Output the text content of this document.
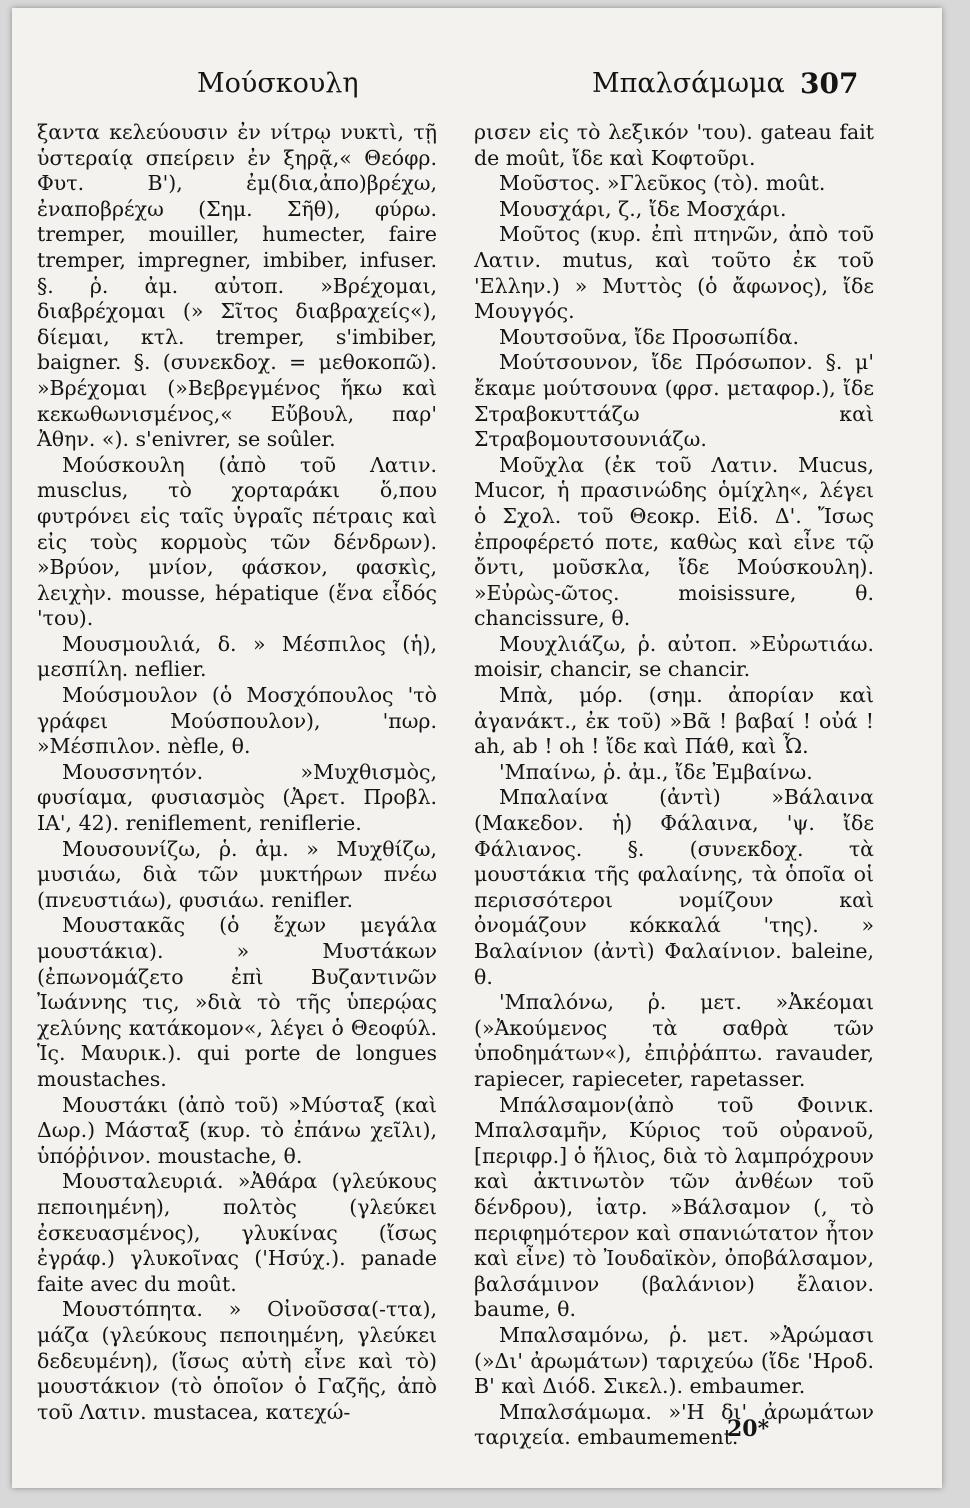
Μούσκουλη	Μπαλσάμωμα 307

ξαντα κελεύουσιν ἐν νίτρῳ νυκτὶ, τῇ ὑστεραίᾳ σπείρειν ἐν ξηρᾷ,« Θεόφρ. Φυτ. Β'), ἐμ(δια,ἀπο)βρέχω, ἐναποβρέχω (Σημ. Σῆθ), φύρω. tremper, mouiller, humecter, faire tremper, impregner, imbiber, infuser. §. ῥ. ἀμ. αὐτοπ. »Βρέχομαι, διαβρέχομαι (» Σῖτος διαβραχείς«), δίεμαι, κτλ. tremper, s'imbiber, baigner. §. (συνεκδοχ. = μεθοκοπῶ). »Βρέχομαι (»Βεβρεγμένος ἥκω καὶ κεκωθωνισμένος,« Εὔβουλ, παρ' Ἀθην. «). s'enivrer, se soûler.

Μούσκουλη (ἀπὸ τοῦ Λατιν. musclus, τὸ χορταράκι ὅ,που φυτρόνει εἰς ταῖς ὑγραῖς πέτραις καὶ εἰς τοὺς κορμοὺς τῶν δένδρων). »Βρύον, μνίον, φάσκον, φασκὶς, λειχὴν. mousse, hépatique (ἕνα εἶδός 'του).

Μουσμουλιά, δ. » Μέσπιλος (ἡ), μεσπίλη. neflier.

Μούσμουλον (ὁ Μοσχόπουλος 'τὸ γράφει Μούσπουλον), 'πωρ. »Μέσπιλον. nèfle, θ.

Μουσσνητόν. »Μυχθισμὸς, φυσίαμα, φυσιασμὸς (Ἀρετ. Προβλ. ΙΑ', 42). reniflement, reniflerie.

Μουσουνίζω, ῥ. ἀμ. » Μυχθίζω, μυσιάω, διὰ τῶν μυκτήρων πνέω (πνευστιάω), φυσιάω. renifler.

Μουστακᾶς (ὁ ἔχων μεγάλα μουστάκια). » Μυστάκων (ἐπωνομάζετο ἐπὶ Βυζαντινῶν Ἰωάννης τις, »διὰ τὸ τῆς ὑπερῴας χελύνης κατάκομον«, λέγει ὁ Θεοφύλ. Ἱς. Μαυρικ.). qui porte de longues moustaches.

Μουστάκι (ἀπὸ τοῦ) »Μύσταξ (καὶ Δωρ.) Μάσταξ (κυρ. τὸ ἐπάνω χεῖλι), ὑπόῤῥινον. moustache, θ.

Μουσταλευριά. »Ἀθάρα (γλεύκους πεποιημένη), πολτὸς (γλεύκει ἐσκευασμένος), γλυκίνας (ἴσως ἐγράφ.) γλυκοῖνας ('Ησύχ.). panade faite avec du moût.

Μουστόπητα. » Οἰνοῦσσα(-ττα), μάζα (γλεύκους πεποιημένη, γλεύκει δεδευμένη), (ἴσως αὐτὴ εἶνε καὶ τὸ) μουστάκιον (τὸ ὁποῖον ὁ Γαζῆς, ἀπὸ τοῦ Λατιν. mustacea, κατεχώ-

ρισεν εἰς τὸ λεξικόν 'του). gateau fait de moût, ἴδε καὶ Κοφτοῦρι.

Μοῦστος. »Γλεῦκος (τὸ). moût.

Μουσχάρι, ζ., ἴδε Μοσχάρι.

Μοῦτος (κυρ. ἐπὶ πτηνῶν, ἀπὸ τοῦ Λατιν. mutus, καὶ τοῦτο ἐκ τοῦ 'Ελλην.) » Μυττὸς (ὁ ἄφωνος), ἴδε Μουγγός.

Μουτσοῦνα, ἴδε Προσωπίδα.

Μούτσουνον, ἴδε Πρόσωπον. §. μ' ἔκαμε μούτσουνα (φρσ. μεταφορ.), ἴδε Στραβοκυττάζω καὶ Στραβομουτσουνιάζω.

Μοῦχλα (ἐκ τοῦ Λατιν. Mucus, Mucor, ἡ πρασινώδης ὁμίχλη«, λέγει ὁ Σχολ. τοῦ Θεοκρ. Εἰδ. Δ'. Ἴσως ἐπροφέρετό ποτε, καθὼς καὶ εἶνε τῷ ὄντι, μοῦσκλα, ἴδε Μούσκουλη). »Εὐρὼς-ῶτος. moisissure, θ. chancissure, θ.

Μουχλιάζω, ῥ. αὐτοπ. »Εὐρωτιάω. moisir, chancir, se chancir.

Μπὰ, μόρ. (σημ. ἀπορίαν καὶ ἀγανάκτ., ἐκ τοῦ) »Βᾶ ! βαβαί ! οὐά ! ah, ab ! oh ! ἴδε καὶ Πάθ, καὶ Ὦ.

'Μπαίνω, ῥ. ἀμ., ἴδε Ἐμβαίνω.

Μπαλαίνα (ἀντὶ) »Βάλαινα (Μακεδον. ἡ) Φάλαινα, 'ψ. ἴδε Φάλιανος. §. (συνεκδοχ. τὰ μουστάκια τῆς φαλαίνης, τὰ ὁποῖα οἱ περισσότεροι νομίζουν καὶ ὀνομάζουν κόκκαλά 'της). » Βαλαίνιον (ἀντὶ) Φαλαίνιον. baleine, θ.

'Μπαλόνω, ῥ. μετ. »Ἀκέομαι (»Ἀκούμενος τὰ σαθρὰ τῶν ὑποδημάτων«), ἐπιῤῥάπτω. ravauder, rapiecer, rapiecеter, rapetasser.

Μπάλσαμον(ἀπὸ τοῦ Φοινικ. Μπαλσαμῆν, Κύριος τοῦ οὐρανοῦ, [περιφρ.] ὁ ἥλιος, διὰ τὸ λαμπρόχρουν καὶ ἀκτινωτὸν τῶν ἀνθέων τοῦ δένδρου), ἰατρ. »Βάλσαμον (, τὸ περιφημότερον καὶ σπανιώτατον ἦτον καὶ εἶνε) τὸ Ἰουδαϊκὸν, ὀποβάλσαμον, βαλσάμινον (βαλάνιον) ἔλαιον. baume, θ.

Μπαλσαμόνω, ῥ. μετ. »Ἀρώμασι (»Δι' ἀρωμάτων) ταριχεύω (ἴδε 'Ηροδ. Β' καὶ Διόδ. Σικελ.). embaumer.

Μπαλσάμωμα. »'Η δι' ἀρωμάτων ταριχεία. embaumement.

20*
